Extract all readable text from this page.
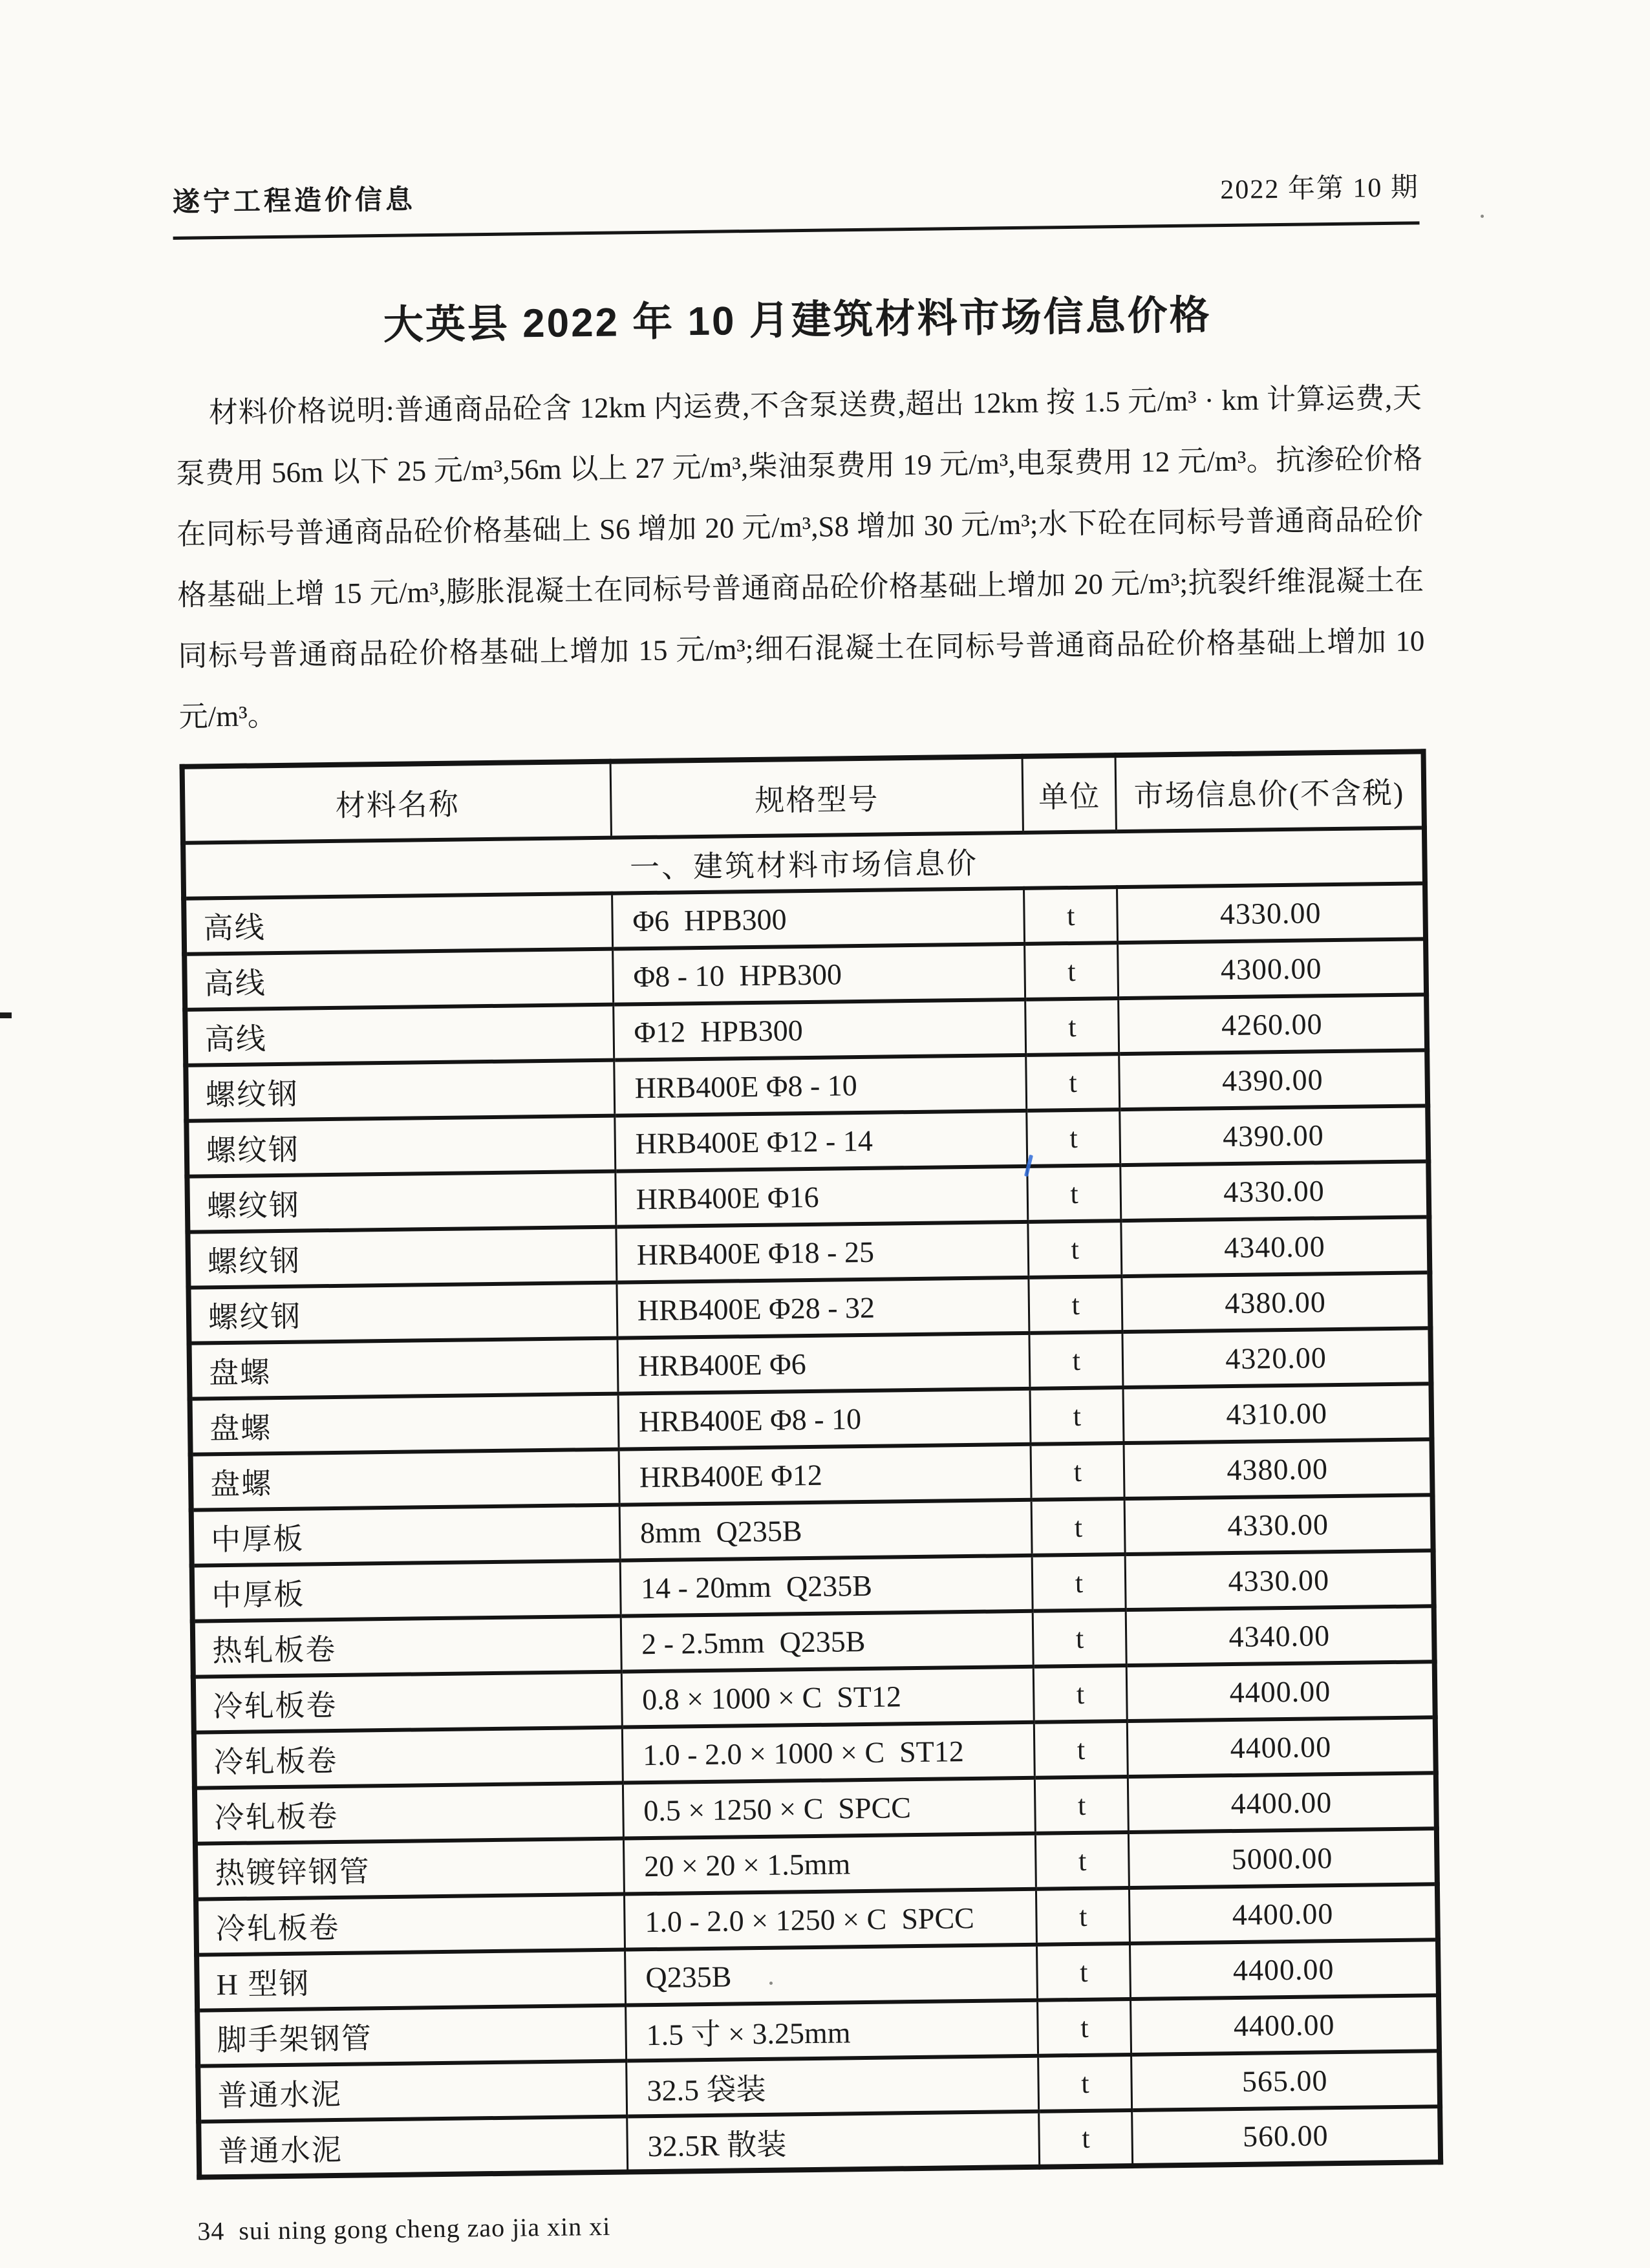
遂宁工程造价信息	2022 年第 10 期
大英县 2022 年 10 月建筑材料市场信息价格
材料价格说明:普通商品砼含 12km 内运费,不含泵送费,超出 12km 按 1.5 元/m³ · km 计算运费,天泵费用 56m 以下 25 元/m³,56m 以上 27 元/m³,柴油泵费用 19 元/m³,电泵费用 12 元/m³。抗渗砼价格在同标号普通商品砼价格基础上 S6 增加 20 元/m³,S8 增加 30 元/m³;水下砼在同标号普通商品砼价格基础上增 15 元/m³,膨胀混凝土在同标号普通商品砼价格基础上增加 20 元/m³;抗裂纤维混凝土在同标号普通商品砼价格基础上增加 15 元/m³;细石混凝土在同标号普通商品砼价格基础上增加 10 元/m³。
材料名称	规格型号	单位	市场信息价(不含税)
一、建筑材料市场信息价			
高线	Φ6  HPB300	t	4330.00
高线	Φ8 - 10  HPB300	t	4300.00
高线	Φ12  HPB300	t	4260.00
螺纹钢	HRB400E Φ8 - 10	t	4390.00
螺纹钢	HRB400E Φ12 - 14	t	4390.00
螺纹钢	HRB400E Φ16	t	4330.00
螺纹钢	HRB400E Φ18 - 25	t	4340.00
螺纹钢	HRB400E Φ28 - 32	t	4380.00
盘螺	HRB400E Φ6	t	4320.00
盘螺	HRB400E Φ8 - 10	t	4310.00
盘螺	HRB400E Φ12	t	4380.00
中厚板	8mm  Q235B	t	4330.00
中厚板	14 - 20mm  Q235B	t	4330.00
热轧板卷	2 - 2.5mm  Q235B	t	4340.00
冷轧板卷	0.8 × 1000 × C  ST12	t	4400.00
冷轧板卷	1.0 - 2.0 × 1000 × C  ST12	t	4400.00
冷轧板卷	0.5 × 1250 × C  SPCC	t	4400.00
热镀锌钢管	20 × 20 × 1.5mm	t	5000.00
冷轧板卷	1.0 - 2.0 × 1250 × C  SPCC	t	4400.00
H 型钢	Q235B	t	4400.00
脚手架钢管	1.5 寸 × 3.25mm	t	4400.00
普通水泥	32.5 袋装	t	565.00
普通水泥	32.5R 散装	t	560.00
34  sui ning gong cheng zao jia xin xi
